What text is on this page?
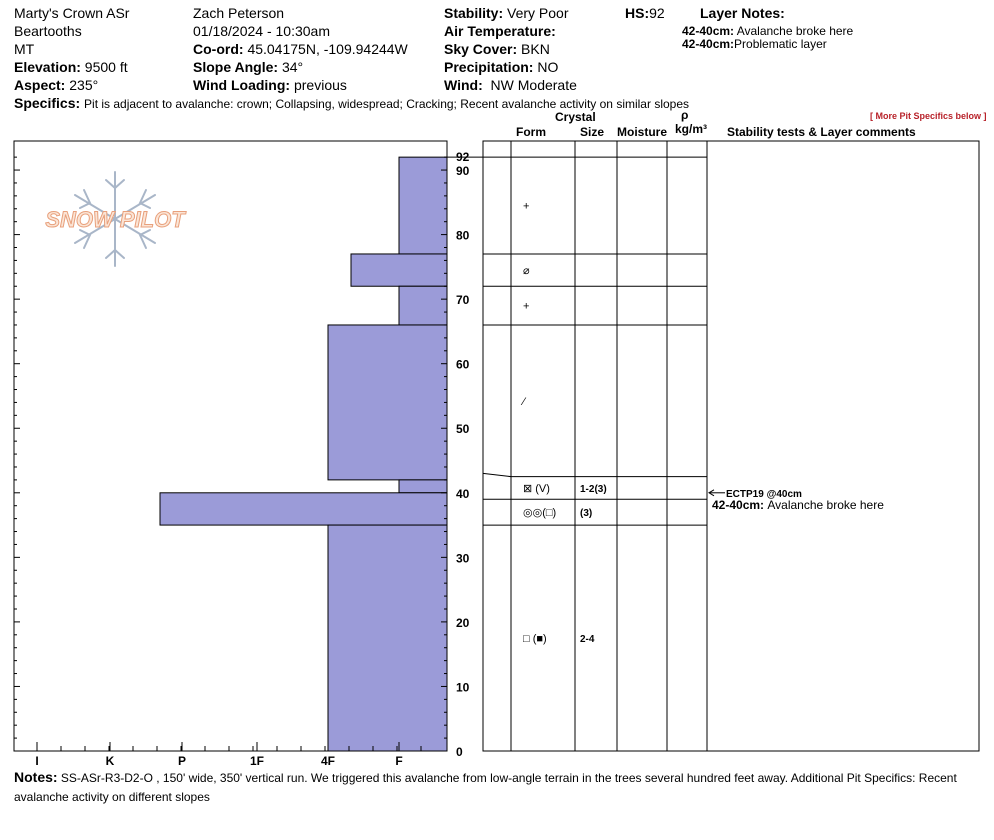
Marty's Crown ASr
Beartooths
MT
Elevation: 9500 ft
Aspect: 235°
Zach Peterson
01/18/2024 - 10:30am
Co-ord: 45.04175N, -109.94244W
Slope Angle: 34°
Wind Loading: previous
Stability: Very Poor
Air Temperature:
Sky Cover: BKN
Precipitation: NO
Wind: NW Moderate
HS:92	Layer Notes:
42-40cm: Avalanche broke here
42-40cm:Problematic layer
Specifics: Pit is adjacent to avalanche: crown; Collapsing, widespread; Cracking; Recent avalanche activity on similar slopes
[ More Pit Specifics below ]
Crystal
Form	Size Moisture
ρ
kg/m³ Stability tests & Layer comments
SNOW PILOT
0
10
20
30
40
50
60
70
80
90
92
I	K	P	1F	4F	F
+
⌀
+
⁄
⊠ (V)	1-2(3)
◎◎(□) (3)
□ (■)	2-4
ECTP19 @40cm
42-40cm: Avalanche broke here
Notes: SS-ASr-R3-D2-O , 150' wide, 350' vertical run. We triggered this avalanche from low-angle terrain in the trees several hundred feet away. Additional Pit Specifics: Recent avalanche activity on different slopes
